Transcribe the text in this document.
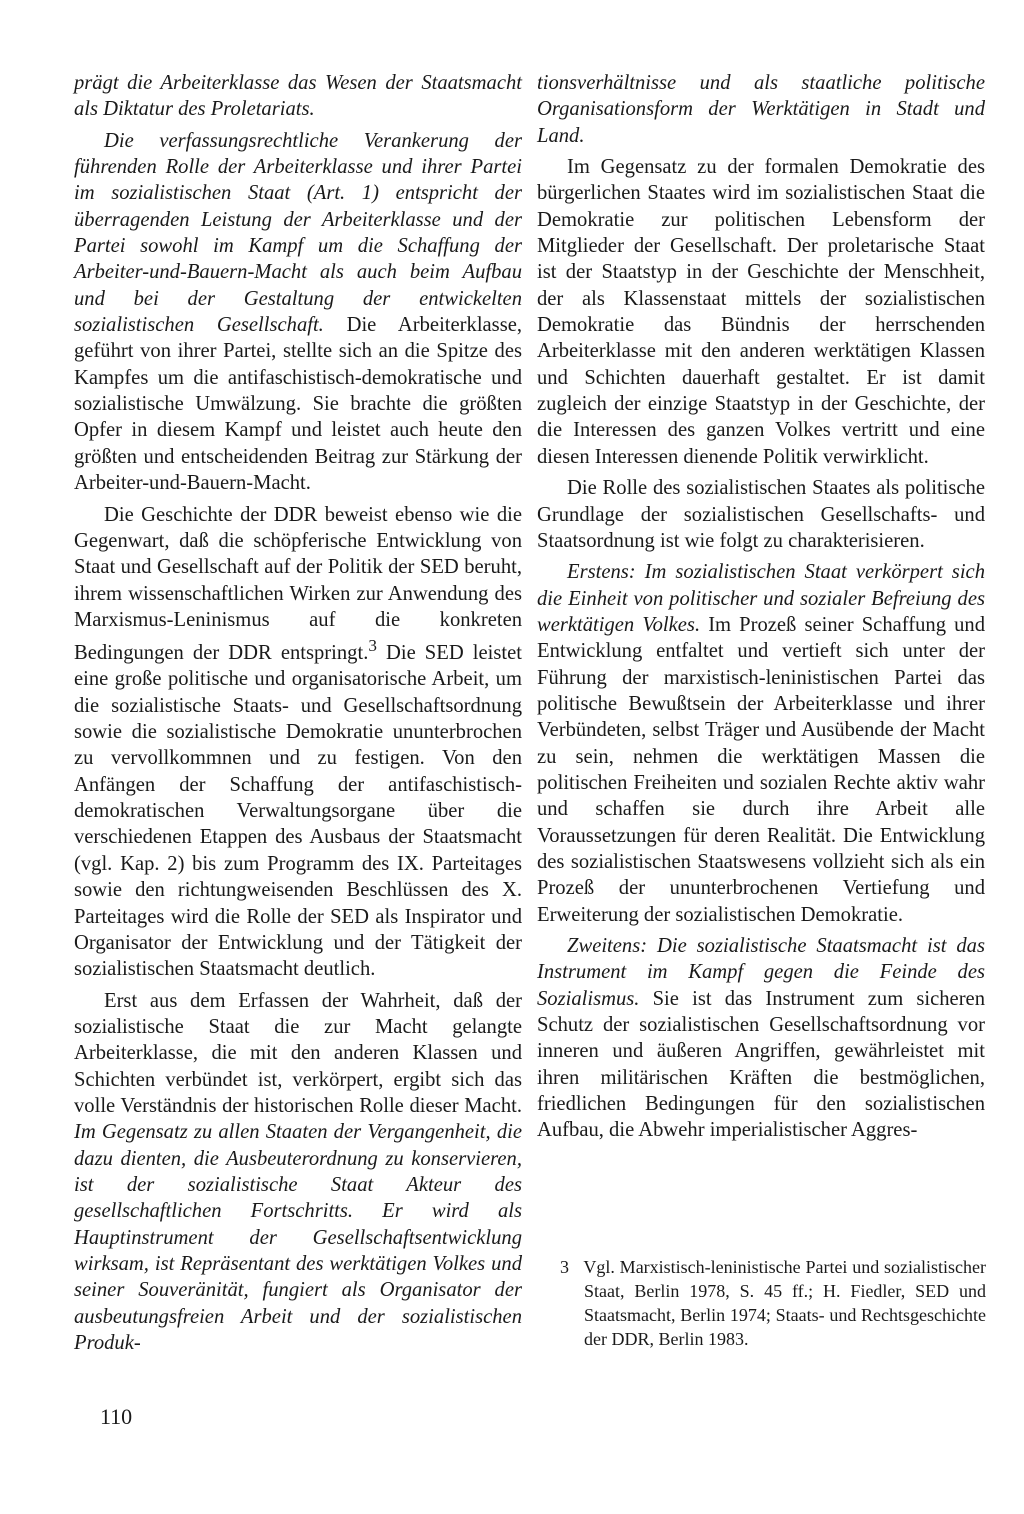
prägt die Arbeiterklasse das Wesen der Staatsmacht als Diktatur des Proletariats.

Die verfassungsrechtliche Verankerung der führenden Rolle der Arbeiterklasse und ihrer Partei im sozialistischen Staat (Art. 1) entspricht der überragenden Leistung der Arbeiterklasse und der Partei sowohl im Kampf um die Schaffung der Arbeiter-und-Bauern-Macht als auch beim Aufbau und bei der Gestaltung der entwickelten sozialistischen Gesellschaft. Die Arbeiterklasse, geführt von ihrer Partei, stellte sich an die Spitze des Kampfes um die antifaschistisch-demokratische und sozialistische Umwälzung. Sie brachte die größten Opfer in diesem Kampf und leistet auch heute den größten und entscheidenden Beitrag zur Stärkung der Arbeiter-und-Bauern-Macht.

Die Geschichte der DDR beweist ebenso wie die Gegenwart, daß die schöpferische Entwicklung von Staat und Gesellschaft auf der Politik der SED beruht, ihrem wissenschaftlichen Wirken zur Anwendung des Marxismus-Leninismus auf die konkreten Bedingungen der DDR entspringt.$^3$ Die SED leistet eine große politische und organisatorische Arbeit, um die sozialistische Staats- und Gesellschaftsordnung sowie die sozialistische Demokratie ununterbrochen zu vervollkommnen und zu festigen. Von den Anfängen der Schaffung der antifaschistisch-demokratischen Verwaltungsorgane über die verschiedenen Etappen des Ausbaus der Staatsmacht (vgl. Kap. 2) bis zum Programm des IX. Parteitages sowie den richtungweisenden Beschlüssen des X. Parteitages wird die Rolle der SED als Inspirator und Organisator der Entwicklung und der Tätigkeit der sozialistischen Staatsmacht deutlich.

Erst aus dem Erfassen der Wahrheit, daß der sozialistische Staat die zur Macht gelangte Arbeiterklasse, die mit den anderen Klassen und Schichten verbündet ist, verkörpert, ergibt sich das volle Verständnis der historischen Rolle dieser Macht. Im Gegensatz zu allen Staaten der Vergangenheit, die dazu dienten, die Ausbeuterordnung zu konservieren, ist der sozialistische Staat Akteur des gesellschaftlichen Fortschritts. Er wird als Hauptinstrument der Gesellschaftsentwicklung wirksam, ist Repräsentant des werktätigen Volkes und seiner Souveränität, fungiert als Organisator der ausbeutungsfreien Arbeit und der sozialistischen Produk-

tionsverhältnisse und als staatliche politische Organisationsform der Werktätigen in Stadt und Land.

Im Gegensatz zu der formalen Demokratie des bürgerlichen Staates wird im sozialistischen Staat die Demokratie zur politischen Lebensform der Mitglieder der Gesellschaft. Der proletarische Staat ist der Staatstyp in der Geschichte der Menschheit, der als Klassenstaat mittels der sozialistischen Demokratie das Bündnis der herrschenden Arbeiterklasse mit den anderen werktätigen Klassen und Schichten dauerhaft gestaltet. Er ist damit zugleich der einzige Staatstyp in der Geschichte, der die Interessen des ganzen Volkes vertritt und eine diesen Interessen dienende Politik verwirklicht.

Die Rolle des sozialistischen Staates als politische Grundlage der sozialistischen Gesellschafts- und Staatsordnung ist wie folgt zu charakterisieren.

Erstens: Im sozialistischen Staat verkörpert sich die Einheit von politischer und sozialer Befreiung des werktätigen Volkes. Im Prozeß seiner Schaffung und Entwicklung entfaltet und vertieft sich unter der Führung der marxistisch-leninistischen Partei das politische Bewußtsein der Arbeiterklasse und ihrer Verbündeten, selbst Träger und Ausübende der Macht zu sein, nehmen die werktätigen Massen die politischen Freiheiten und sozialen Rechte aktiv wahr und schaffen sie durch ihre Arbeit alle Voraussetzungen für deren Realität. Die Entwicklung des sozialistischen Staatswesens vollzieht sich als ein Prozeß der ununterbrochenen Vertiefung und Erweiterung der sozialistischen Demokratie.

Zweitens: Die sozialistische Staatsmacht ist das Instrument im Kampf gegen die Feinde des Sozialismus. Sie ist das Instrument zum sicheren Schutz der sozialistischen Gesellschaftsordnung vor inneren und äußeren Angriffen, gewährleistet mit ihren militärischen Kräften die bestmöglichen, friedlichen Bedingungen für den sozialistischen Aufbau, die Abwehr imperialistischer Aggres-

3 Vgl. Marxistisch-leninistische Partei und sozialistischer Staat, Berlin 1978, S. 45 ff.; H. Fiedler, SED und Staatsmacht, Berlin 1974; Staats- und Rechtsgeschichte der DDR, Berlin 1983.

110
